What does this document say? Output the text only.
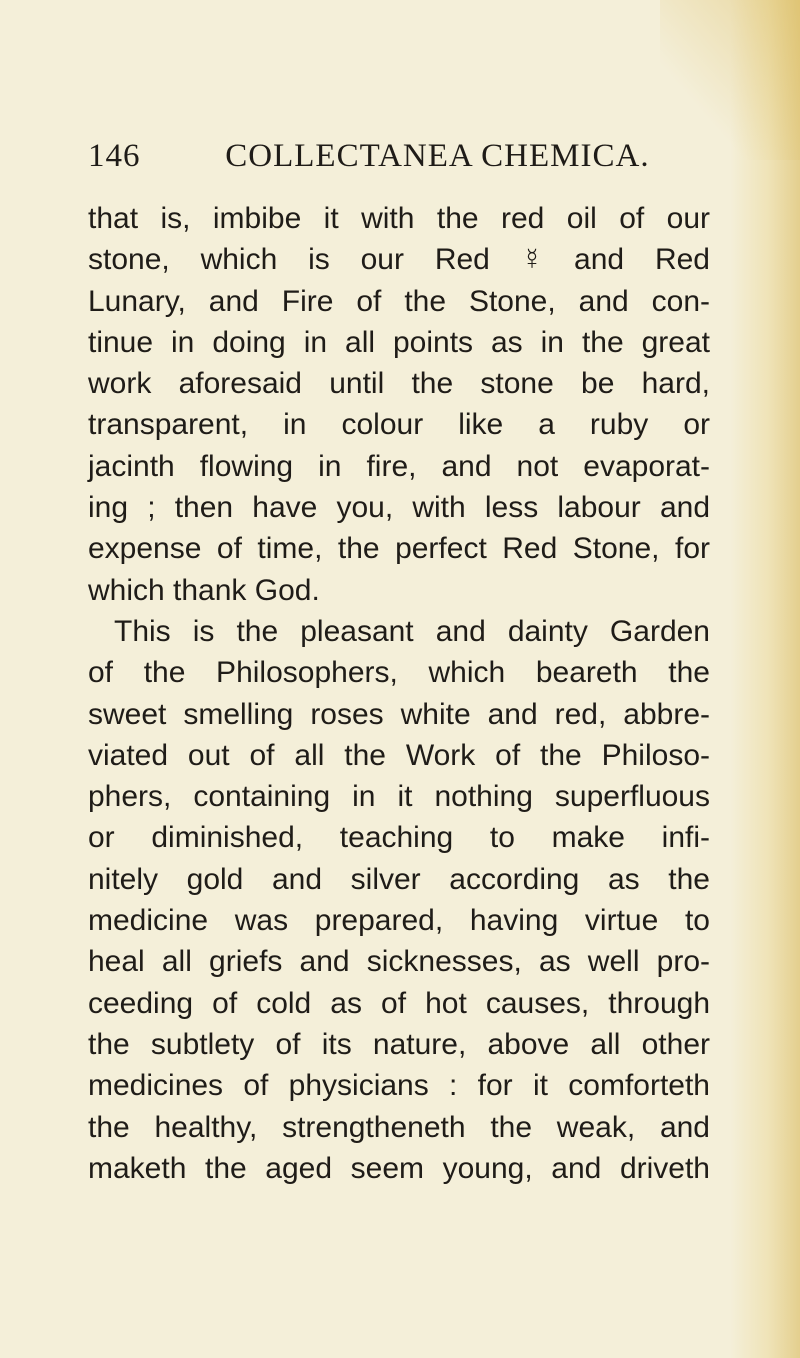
146	COLLECTANEA CHEMICA.
that is, imbibe it with the red oil of our
stone, which is our Red ☿ and Red
Lunary, and Fire of the Stone, and con-
tinue in doing in all points as in the great
work aforesaid until the stone be hard,
transparent, in colour like a ruby or
jacinth flowing in fire, and not evaporat-
ing ; then have you, with less labour and
expense of time, the perfect Red Stone, for
which thank God.
This is the pleasant and dainty Garden
of the Philosophers, which beareth the
sweet smelling roses white and red, abbre-
viated out of all the Work of the Philoso-
phers, containing in it nothing superfluous
or diminished, teaching to make infi-
nitely gold and silver according as the
medicine was prepared, having virtue to
heal all griefs and sicknesses, as well pro-
ceeding of cold as of hot causes, through
the subtlety of its nature, above all other
medicines of physicians : for it comforteth
the healthy, strengtheneth the weak, and
maketh the aged seem young, and driveth
